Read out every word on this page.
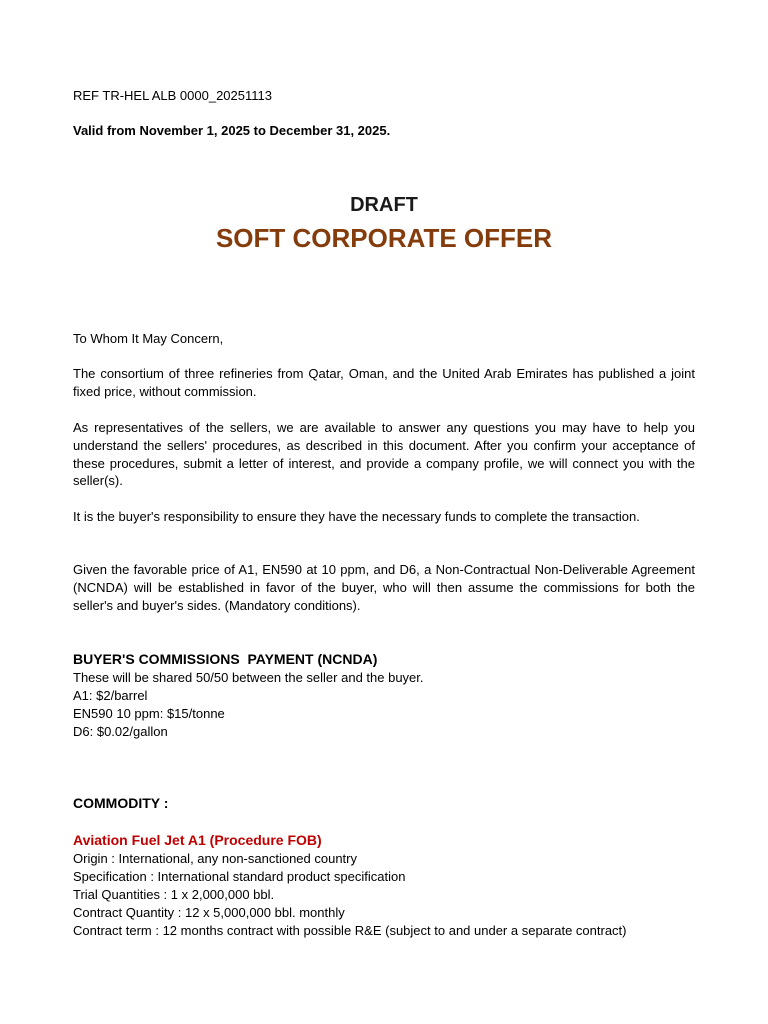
REF TR-HEL ALB 0000_20251113
Valid from November 1, 2025 to December 31, 2025.
DRAFT
SOFT CORPORATE OFFER
To Whom It May Concern,
The consortium of three refineries from Qatar, Oman, and the United Arab Emirates has published a joint fixed price, without commission.
As representatives of the sellers, we are available to answer any questions you may have to help you understand the sellers' procedures, as described in this document. After you confirm your acceptance of these procedures, submit a letter of interest, and provide a company profile, we will connect you with the seller(s).
It is the buyer's responsibility to ensure they have the necessary funds to complete the transaction.
Given the favorable price of A1, EN590 at 10 ppm, and D6, a Non-Contractual Non-Deliverable Agreement (NCNDA) will be established in favor of the buyer, who will then assume the commissions for both the seller's and buyer's sides. (Mandatory conditions).
BUYER'S COMMISSIONS  PAYMENT (NCNDA)
These will be shared 50/50 between the seller and the buyer.
A1: $2/barrel
EN590 10 ppm: $15/tonne
D6: $0.02/gallon
COMMODITY :
Aviation Fuel Jet A1 (Procedure FOB)
Origin : International, any non-sanctioned country
Specification : International standard product specification
Trial Quantities : 1 x 2,000,000 bbl.
Contract Quantity : 12 x 5,000,000 bbl. monthly
Contract term : 12 months contract with possible R&E (subject to and under a separate contract)
